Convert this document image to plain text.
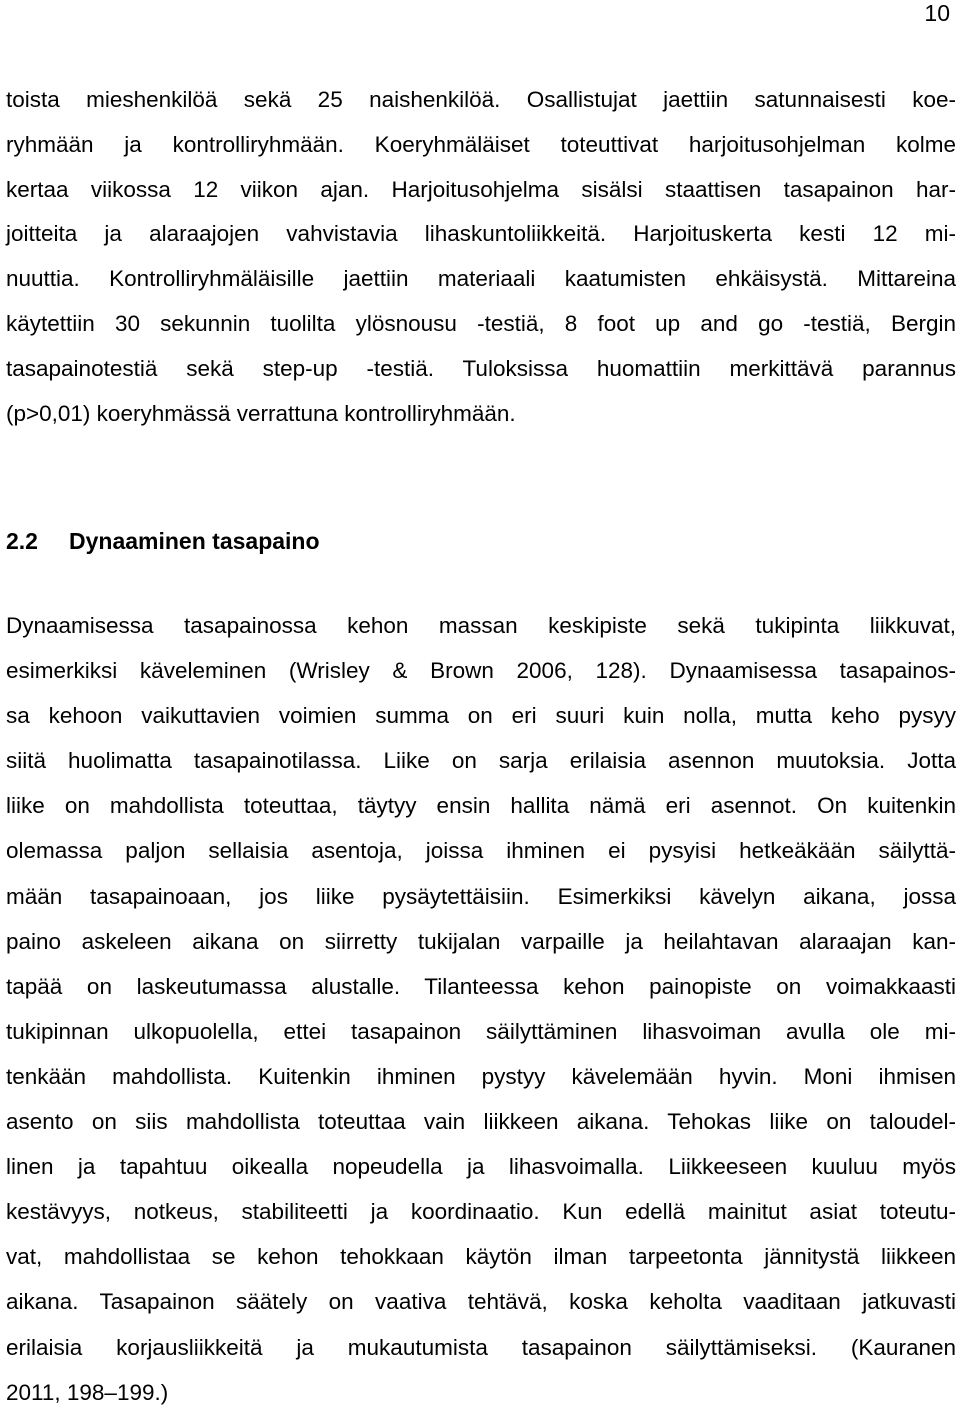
10
toista mieshenkilöä sekä 25 naishenkilöä. Osallistujat jaettiin satunnaisesti koe-
ryhmään ja kontrolliryhmään. Koeryhmäläiset toteuttivat harjoitusohjelman kolme
kertaa viikossa 12 viikon ajan. Harjoitusohjelma sisälsi staattisen tasapainon har-
joitteita ja alaraajojen vahvistavia lihaskuntoliikkeitä. Harjoituskerta kesti 12 mi-
nuuttia. Kontrolliryhmäläisille jaettiin materiaali kaatumisten ehkäisystä. Mittareina
käytettiin 30 sekunnin tuolilta ylösnousu -testiä, 8 foot up and go -testiä, Bergin
tasapainotestiä sekä step-up -testiä. Tuloksissa huomattiin merkittävä parannus
(p>0,01) koeryhmässä verrattuna kontrolliryhmään.
2.2 Dynaaminen tasapaino
Dynaamisessa tasapainossa kehon massan keskipiste sekä tukipinta liikkuvat,
esimerkiksi käveleminen (Wrisley & Brown 2006, 128). Dynaamisessa tasapainos-
sa kehoon vaikuttavien voimien summa on eri suuri kuin nolla, mutta keho pysyy
siitä huolimatta tasapainotilassa. Liike on sarja erilaisia asennon muutoksia. Jotta
liike on mahdollista toteuttaa, täytyy ensin hallita nämä eri asennot. On kuitenkin
olemassa paljon sellaisia asentoja, joissa ihminen ei pysyisi hetkeäkään säilyttä-
mään tasapainoaan, jos liike pysäytettäisiin. Esimerkiksi kävelyn aikana, jossa
paino askeleen aikana on siirretty tukijalan varpaille ja heilahtavan alaraajan kan-
tapää on laskeutumassa alustalle. Tilanteessa kehon painopiste on voimakkaasti
tukipinnan ulkopuolella, ettei tasapainon säilyttäminen lihasvoiman avulla ole mi-
tenkään mahdollista. Kuitenkin ihminen pystyy kävelemään hyvin. Moni ihmisen
asento on siis mahdollista toteuttaa vain liikkeen aikana. Tehokas liike on taloudel-
linen ja tapahtuu oikealla nopeudella ja lihasvoimalla. Liikkeeseen kuuluu myös
kestävyys, notkeus, stabiliteetti ja koordinaatio. Kun edellä mainitut asiat toteutu-
vat, mahdollistaa se kehon tehokkaan käytön ilman tarpeetonta jännitystä liikkeen
aikana. Tasapainon säätely on vaativa tehtävä, koska keholta vaaditaan jatkuvasti
erilaisia korjausliikkeitä ja mukautumista tasapainon säilyttämiseksi. (Kauranen
2011, 198–199.)
